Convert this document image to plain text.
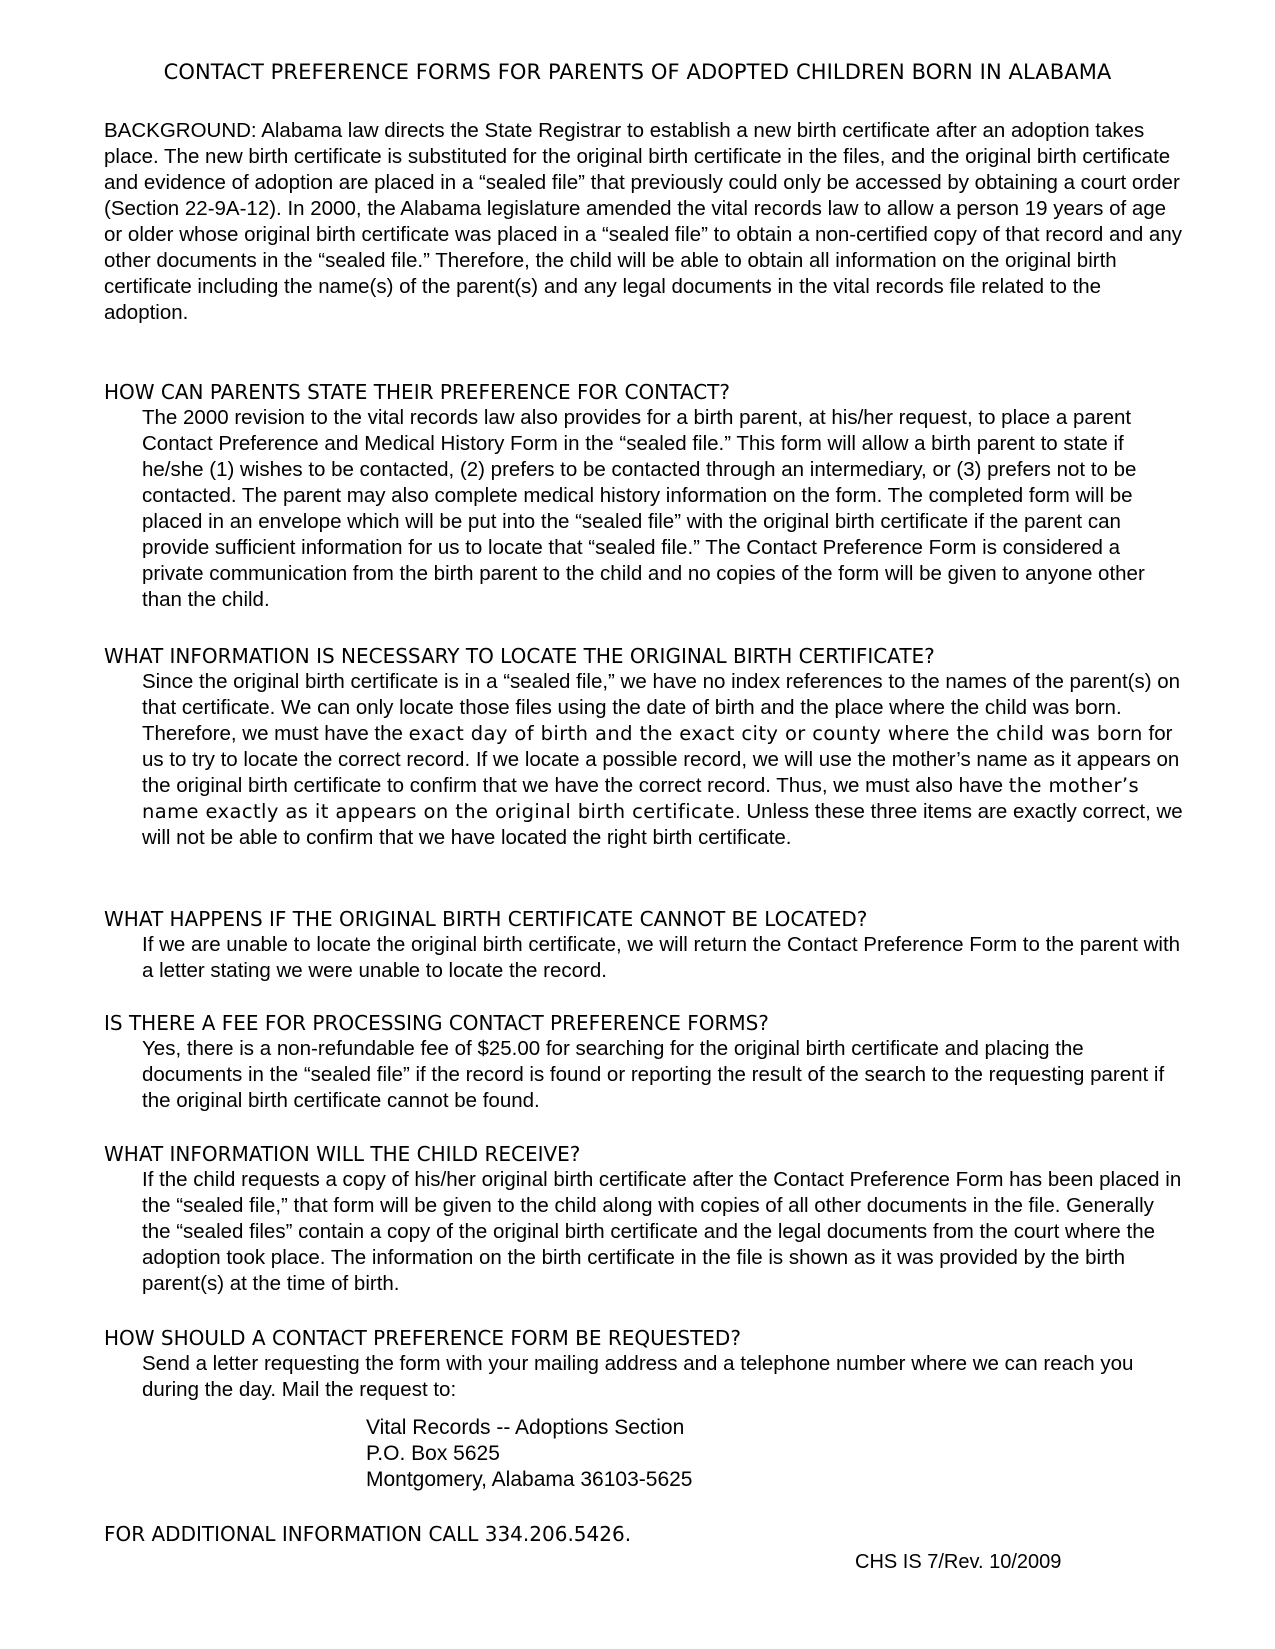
CONTACT PREFERENCE FORMS FOR PARENTS OF ADOPTED CHILDREN BORN IN ALABAMA
BACKGROUND: Alabama law directs the State Registrar to establish a new birth certificate after an adoption takes place. The new birth certificate is substituted for the original birth certificate in the files, and the original birth certificate and evidence of adoption are placed in a “sealed file” that previously could only be accessed by obtaining a court order (Section 22-9A-12). In 2000, the Alabama legislature amended the vital records law to allow a person 19 years of age or older whose original birth certificate was placed in a “sealed file” to obtain a non-certified copy of that record and any other documents in the “sealed file.” Therefore, the child will be able to obtain all information on the original birth certificate including the name(s) of the parent(s) and any legal documents in the vital records file related to the adoption.
HOW CAN PARENTS STATE THEIR PREFERENCE FOR CONTACT?
The 2000 revision to the vital records law also provides for a birth parent, at his/her request, to place a parent Contact Preference and Medical History Form in the “sealed file.” This form will allow a birth parent to state if he/she (1) wishes to be contacted, (2) prefers to be contacted through an intermediary, or (3) prefers not to be contacted. The parent may also complete medical history information on the form. The completed form will be placed in an envelope which will be put into the “sealed file” with the original birth certificate if the parent can provide sufficient information for us to locate that “sealed file.” The Contact Preference Form is considered a private communication from the birth parent to the child and no copies of the form will be given to anyone other than the child.
WHAT INFORMATION IS NECESSARY TO LOCATE THE ORIGINAL BIRTH CERTIFICATE?
Since the original birth certificate is in a “sealed file,” we have no index references to the names of the parent(s) on that certificate. We can only locate those files using the date of birth and the place where the child was born. Therefore, we must have the exact day of birth and the exact city or county where the child was born for us to try to locate the correct record. If we locate a possible record, we will use the mother’s name as it appears on the original birth certificate to confirm that we have the correct record. Thus, we must also have the mother’s name exactly as it appears on the original birth certificate. Unless these three items are exactly correct, we will not be able to confirm that we have located the right birth certificate.
WHAT HAPPENS IF THE ORIGINAL BIRTH CERTIFICATE CANNOT BE LOCATED?
If we are unable to locate the original birth certificate, we will return the Contact Preference Form to the parent with a letter stating we were unable to locate the record.
IS THERE A FEE FOR PROCESSING CONTACT PREFERENCE FORMS?
Yes, there is a non-refundable fee of $25.00 for searching for the original birth certificate and placing the documents in the “sealed file” if the record is found or reporting the result of the search to the requesting parent if the original birth certificate cannot be found.
WHAT INFORMATION WILL THE CHILD RECEIVE?
If the child requests a copy of his/her original birth certificate after the Contact Preference Form has been placed in the “sealed file,” that form will be given to the child along with copies of all other documents in the file. Generally the “sealed files” contain a copy of the original birth certificate and the legal documents from the court where the adoption took place. The information on the birth certificate in the file is shown as it was provided by the birth parent(s) at the time of birth.
HOW SHOULD A CONTACT PREFERENCE FORM BE REQUESTED?
Send a letter requesting the form with your mailing address and a telephone number where we can reach you during the day. Mail the request to:
Vital Records -- Adoptions Section
P.O. Box 5625
Montgomery, Alabama 36103-5625
FOR ADDITIONAL INFORMATION CALL 334.206.5426.
CHS IS 7/Rev. 10/2009
